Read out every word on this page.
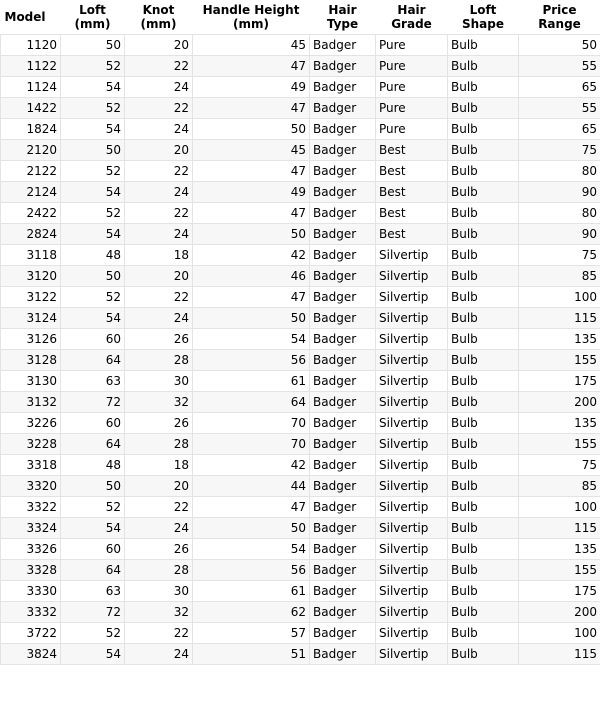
Model	Loft (mm)	Knot (mm)	Handle Height (mm)	Hair Type	Hair Grade	Loft Shape	Price Range
1120	50	20	45	Badger	Pure	Bulb	50
1122	52	22	47	Badger	Pure	Bulb	55
1124	54	24	49	Badger	Pure	Bulb	65
1422	52	22	47	Badger	Pure	Bulb	55
1824	54	24	50	Badger	Pure	Bulb	65
2120	50	20	45	Badger	Best	Bulb	75
2122	52	22	47	Badger	Best	Bulb	80
2124	54	24	49	Badger	Best	Bulb	90
2422	52	22	47	Badger	Best	Bulb	80
2824	54	24	50	Badger	Best	Bulb	90
3118	48	18	42	Badger	Silvertip	Bulb	75
3120	50	20	46	Badger	Silvertip	Bulb	85
3122	52	22	47	Badger	Silvertip	Bulb	100
3124	54	24	50	Badger	Silvertip	Bulb	115
3126	60	26	54	Badger	Silvertip	Bulb	135
3128	64	28	56	Badger	Silvertip	Bulb	155
3130	63	30	61	Badger	Silvertip	Bulb	175
3132	72	32	64	Badger	Silvertip	Bulb	200
3226	60	26	70	Badger	Silvertip	Bulb	135
3228	64	28	70	Badger	Silvertip	Bulb	155
3318	48	18	42	Badger	Silvertip	Bulb	75
3320	50	20	44	Badger	Silvertip	Bulb	85
3322	52	22	47	Badger	Silvertip	Bulb	100
3324	54	24	50	Badger	Silvertip	Bulb	115
3326	60	26	54	Badger	Silvertip	Bulb	135
3328	64	28	56	Badger	Silvertip	Bulb	155
3330	63	30	61	Badger	Silvertip	Bulb	175
3332	72	32	62	Badger	Silvertip	Bulb	200
3722	52	22	57	Badger	Silvertip	Bulb	100
3824	54	24	51	Badger	Silvertip	Bulb	115
